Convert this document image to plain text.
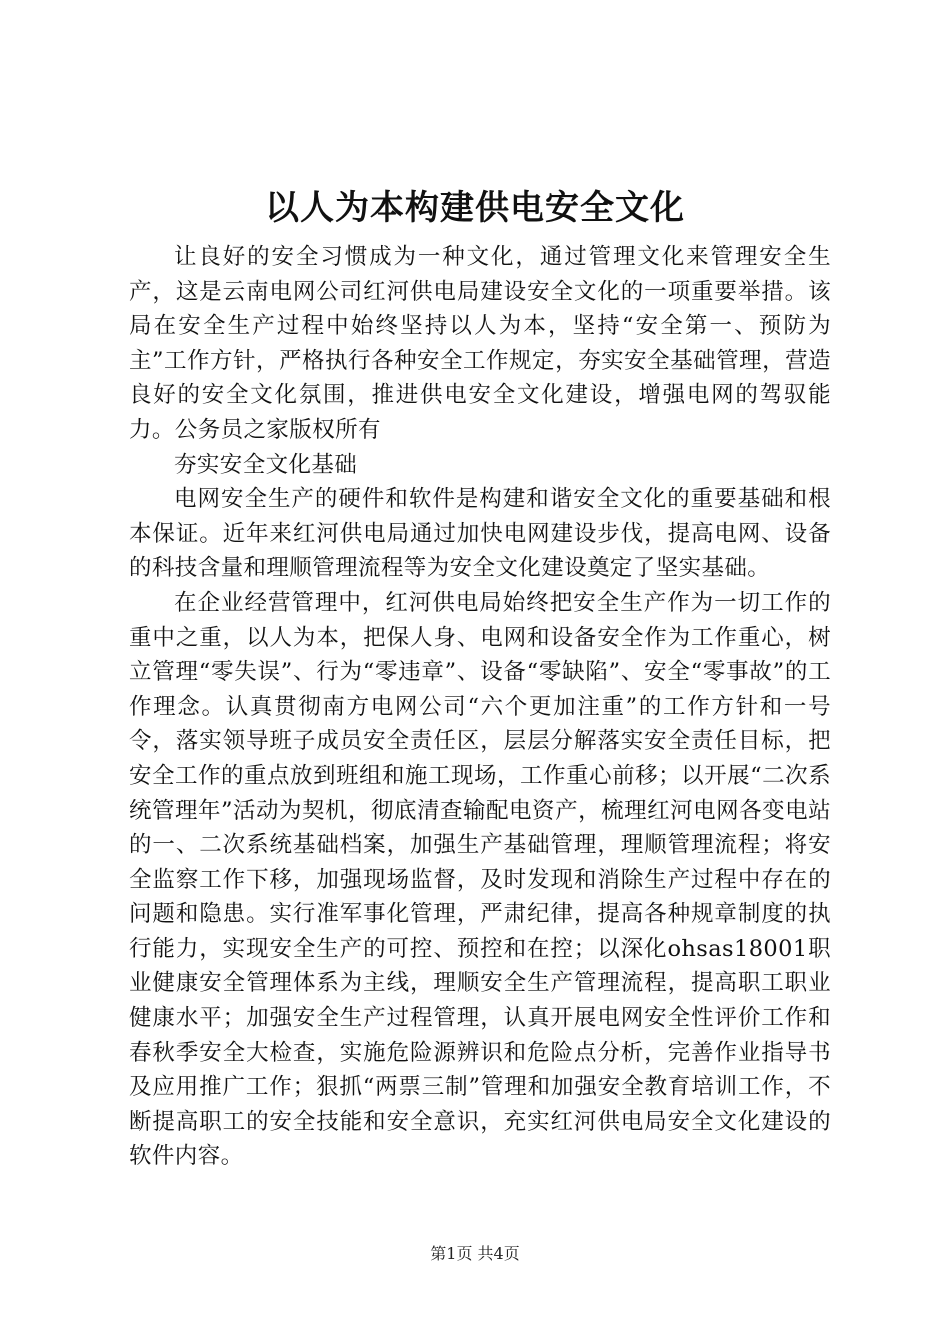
以人为本构建供电安全文化

让良好的安全习惯成为一种文化，通过管理文化来管理安全生产，这是云南电网公司红河供电局建设安全文化的一项重要举措。该局在安全生产过程中始终坚持以人为本，坚持“安全第一、预防为主”工作方针，严格执行各种安全工作规定，夯实安全基础管理，营造良好的安全文化氛围，推进供电安全文化建设，增强电网的驾驭能力。公务员之家版权所有

夯实安全文化基础

电网安全生产的硬件和软件是构建和谐安全文化的重要基础和根本保证。近年来红河供电局通过加快电网建设步伐，提高电网、设备的科技含量和理顺管理流程等为安全文化建设奠定了坚实基础。

在企业经营管理中，红河供电局始终把安全生产作为一切工作的重中之重，以人为本，把保人身、电网和设备安全作为工作重心，树立管理“零失误”、行为“零违章”、设备“零缺陷”、安全“零事故”的工作理念。认真贯彻南方电网公司“六个更加注重”的工作方针和一号令，落实领导班子成员安全责任区，层层分解落实安全责任目标，把安全工作的重点放到班组和施工现场，工作重心前移；以开展“二次系统管理年”活动为契机，彻底清查输配电资产，梳理红河电网各变电站的一、二次系统基础档案，加强生产基础管理，理顺管理流程；将安全监察工作下移，加强现场监督，及时发现和消除生产过程中存在的问题和隐患。实行准军事化管理，严肃纪律，提高各种规章制度的执行能力，实现安全生产的可控、预控和在控；以深化ohsas18001职业健康安全管理体系为主线，理顺安全生产管理流程，提高职工职业健康水平；加强安全生产过程管理，认真开展电网安全性评价工作和春秋季安全大检查，实施危险源辨识和危险点分析，完善作业指导书及应用推广工作；狠抓“两票三制”管理和加强安全教育培训工作，不断提高职工的安全技能和安全意识，充实红河供电局安全文化建设的软件内容。

第1页 共4页
